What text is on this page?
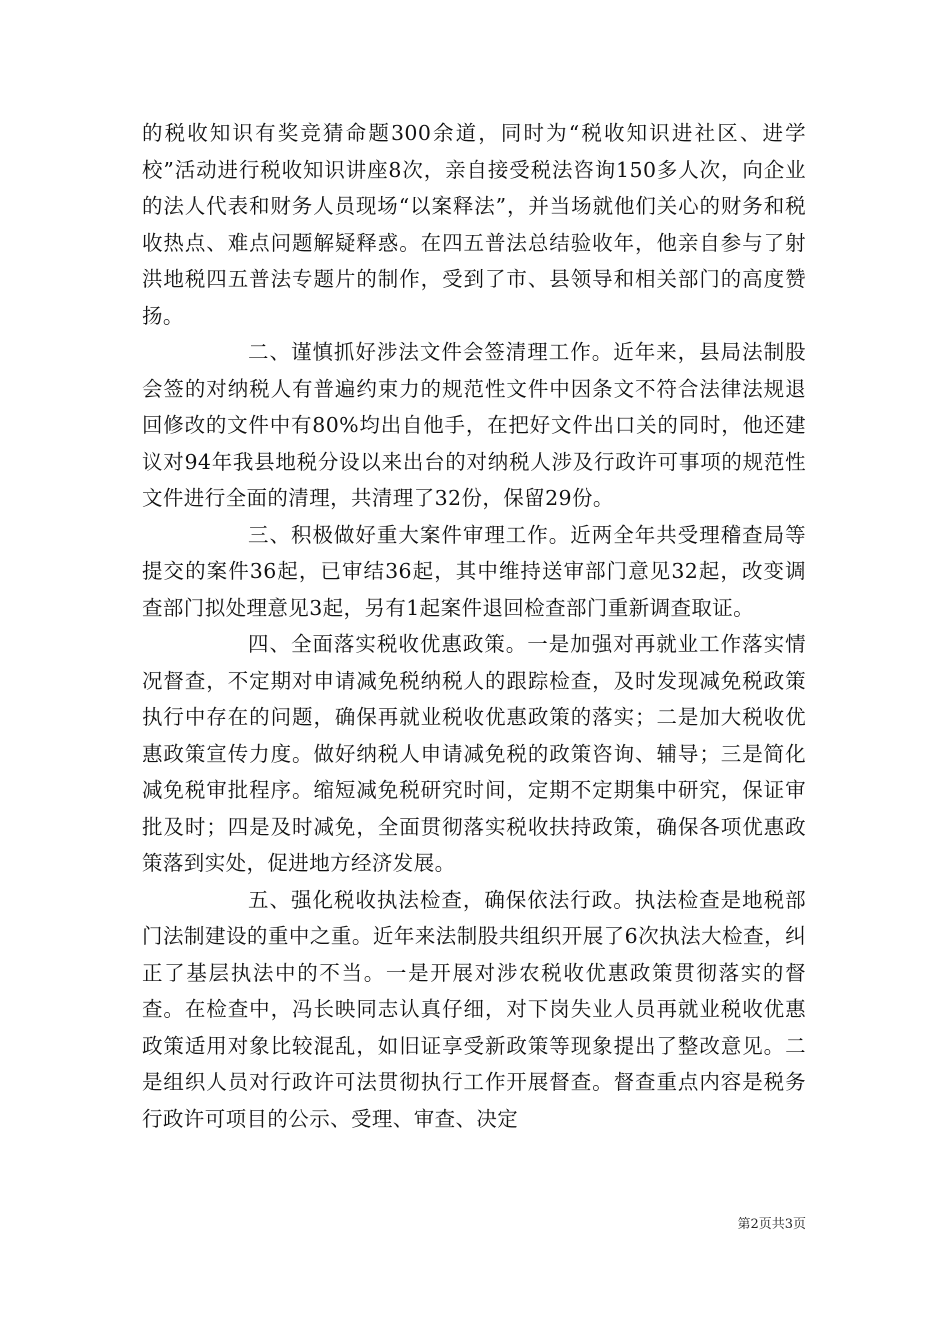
的税收知识有奖竞猜命题300余道，同时为“税收知识进社区、进学校”活动进行税收知识讲座8次，亲自接受税法咨询150多人次，向企业的法人代表和财务人员现场“以案释法”，并当场就他们关心的财务和税收热点、难点问题解疑释惑。在四五普法总结验收年，他亲自参与了射洪地税四五普法专题片的制作，受到了市、县领导和相关部门的高度赞扬。

二、谨慎抓好涉法文件会签清理工作。近年来，县局法制股会签的对纳税人有普遍约束力的规范性文件中因条文不符合法律法规退回修改的文件中有80%均出自他手，在把好文件出口关的同时，他还建议对94年我县地税分设以来出台的对纳税人涉及行政许可事项的规范性文件进行全面的清理，共清理了32份，保留29份。

三、积极做好重大案件审理工作。近两全年共受理稽查局等提交的案件36起，已审结36起，其中维持送审部门意见32起，改变调查部门拟处理意见3起，另有1起案件退回检查部门重新调查取证。

四、全面落实税收优惠政策。一是加强对再就业工作落实情况督查，不定期对申请减免税纳税人的跟踪检查，及时发现减免税政策执行中存在的问题，确保再就业税收优惠政策的落实；二是加大税收优惠政策宣传力度。做好纳税人申请减免税的政策咨询、辅导；三是简化减免税审批程序。缩短减免税研究时间，定期不定期集中研究，保证审批及时；四是及时减免，全面贯彻落实税收扶持政策，确保各项优惠政策落到实处，促进地方经济发展。

五、强化税收执法检查，确保依法行政。执法检查是地税部门法制建设的重中之重。近年来法制股共组织开展了6次执法大检查，纠正了基层执法中的不当。一是开展对涉农税收优惠政策贯彻落实的督查。在检查中，冯长映同志认真仔细，对下岗失业人员再就业税收优惠政策适用对象比较混乱，如旧证享受新政策等现象提出了整改意见。二是组织人员对行政许可法贯彻执行工作开展督查。督查重点内容是税务行政许可项目的公示、受理、审查、决定

第2页共3页
